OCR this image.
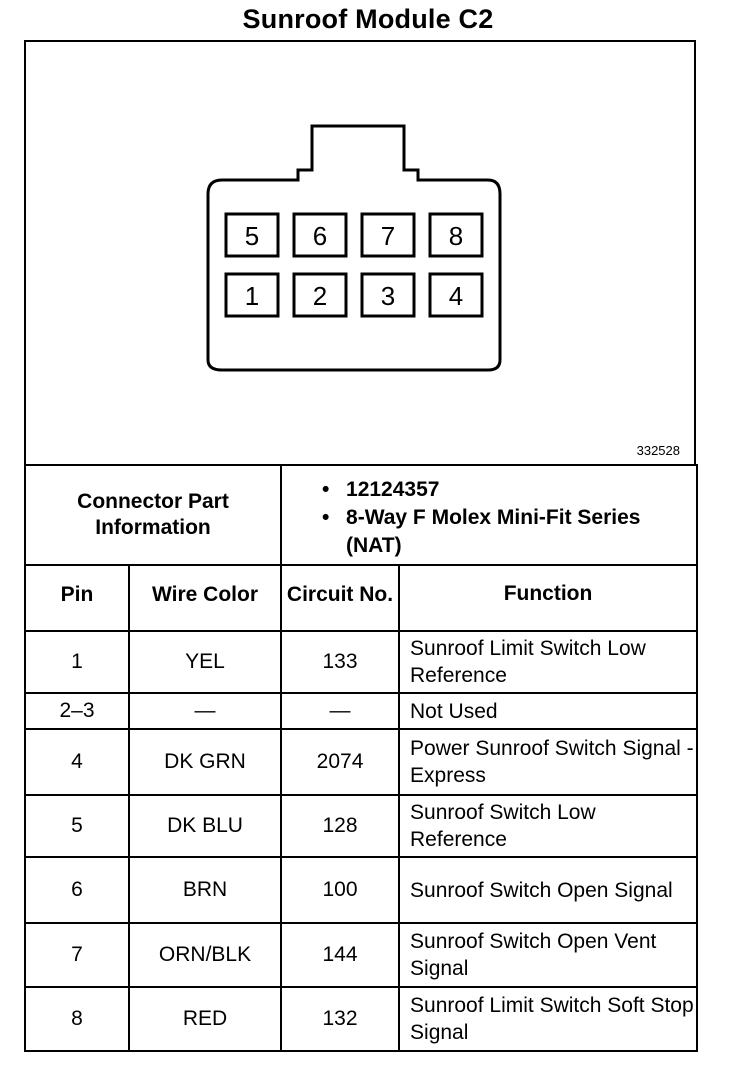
Sunroof Module C2
5 6 7 8
1 2 3 4
332528
Connector Part Information		• 12124357
• 8-Way F Molex Mini-Fit Series (NAT)	

Pin	Wire Color	Circuit No.	Function
1	YEL	133	Sunroof Limit Switch Low Reference
2–3	—	—	Not Used
4	DK GRN	2074	Power Sunroof Switch Signal - Express
5	DK BLU	128	Sunroof Switch Low Reference
6	BRN	100	Sunroof Switch Open Signal
7	ORN/BLK	144	Sunroof Switch Open Vent Signal
8	RED	132	Sunroof Limit Switch Soft Stop Signal
